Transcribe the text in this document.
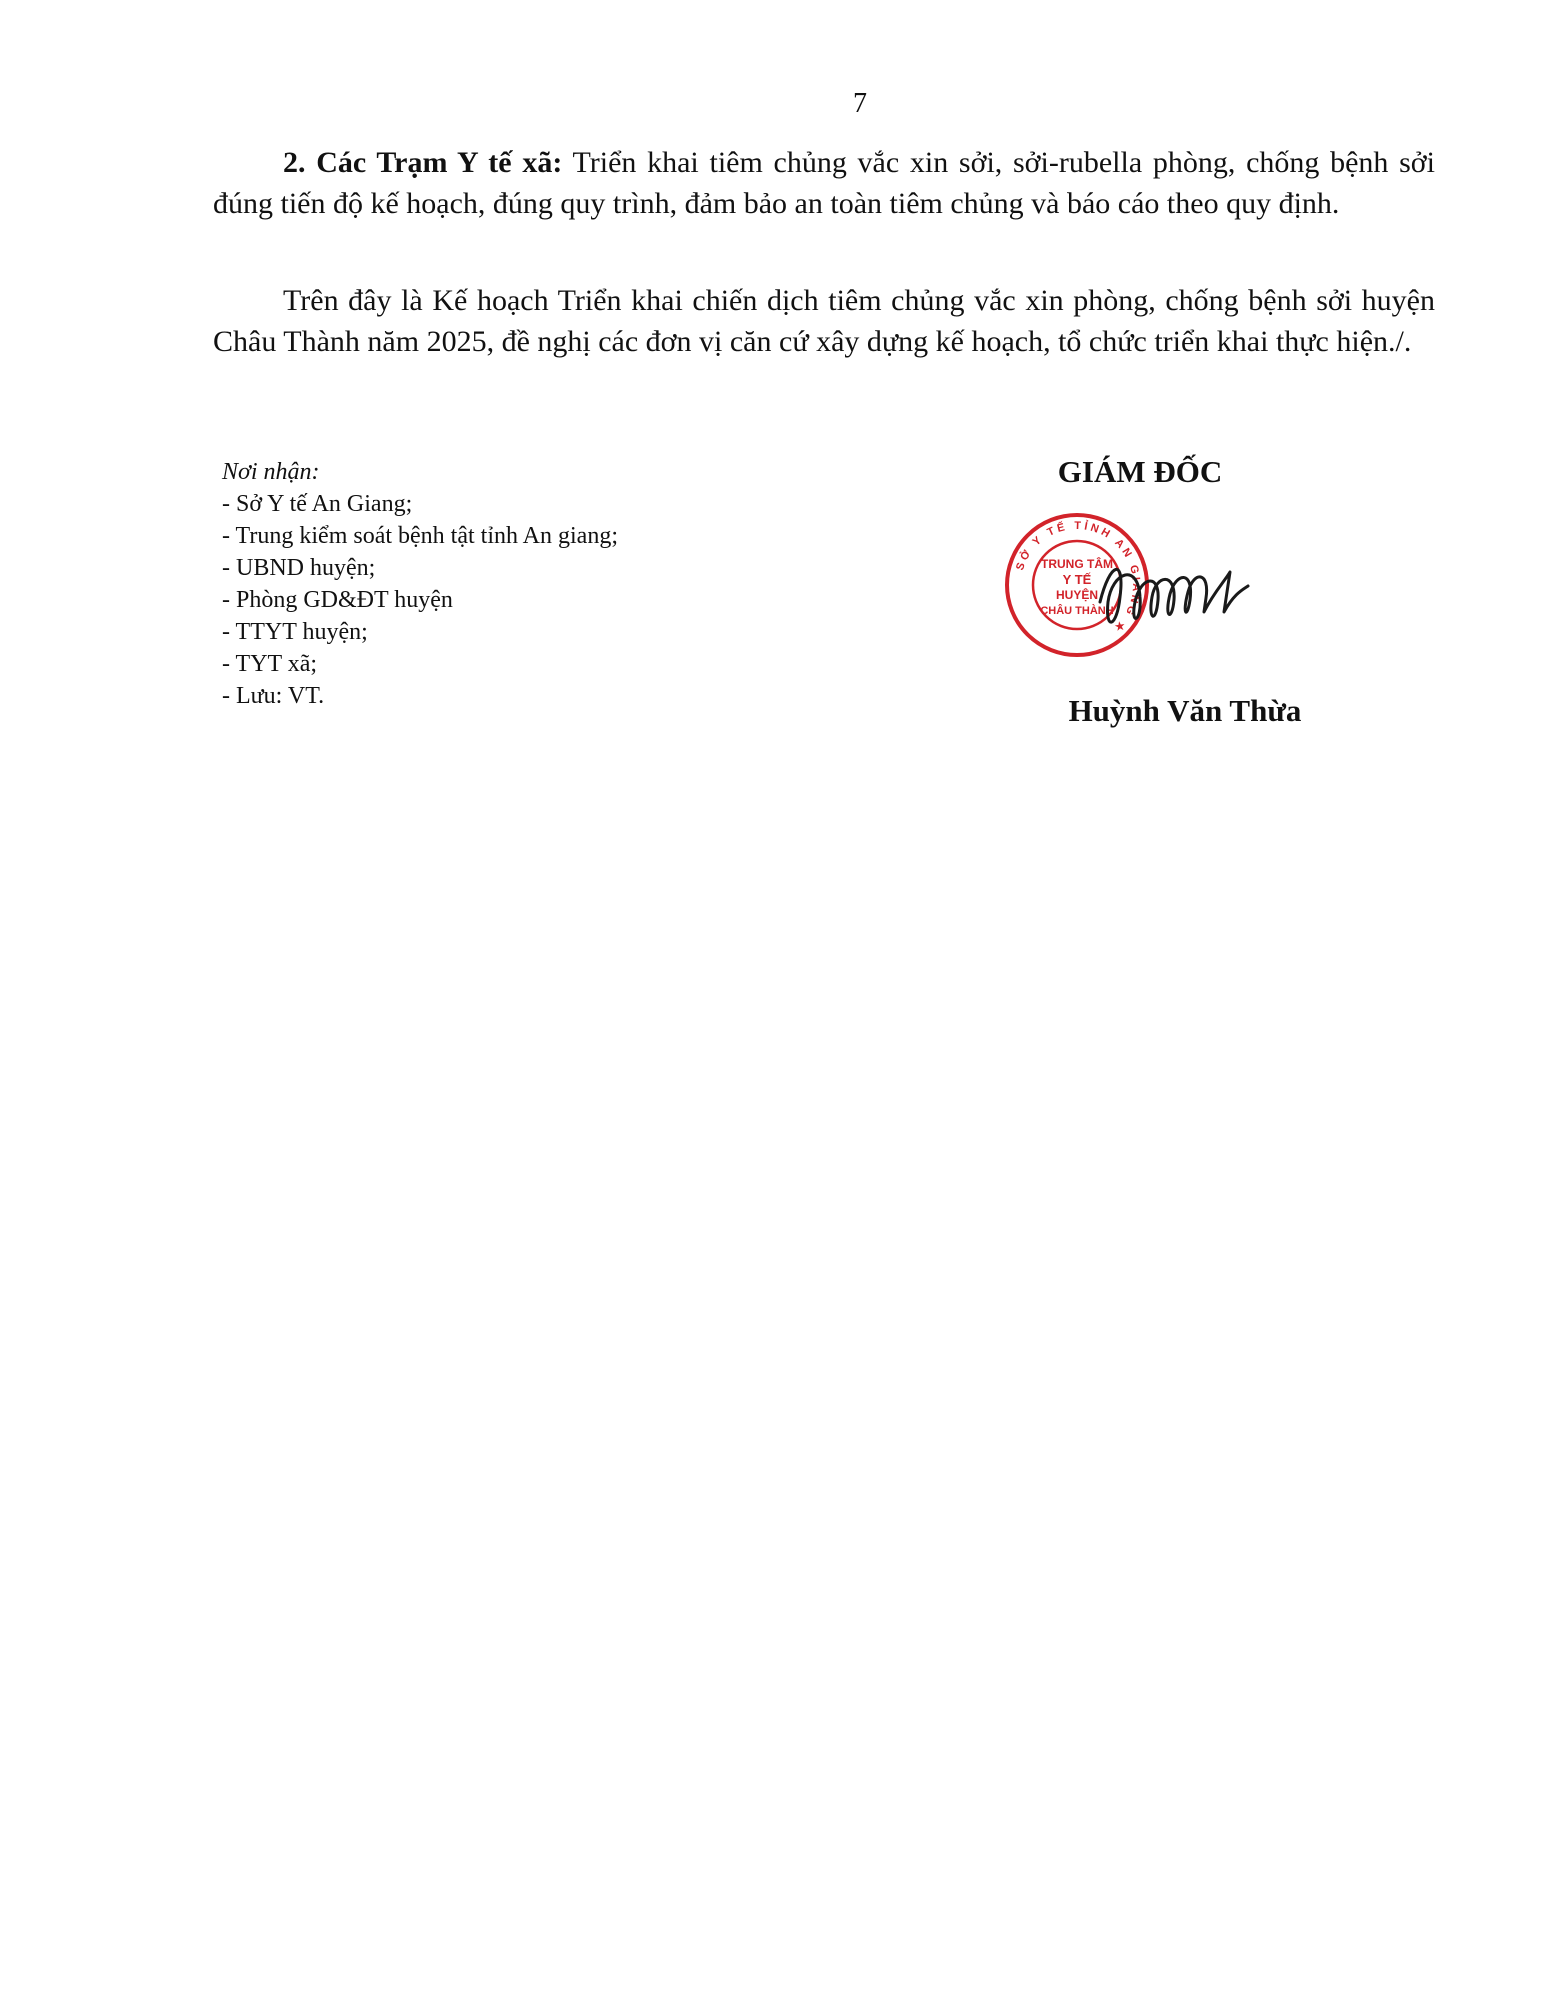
7

2. Các Trạm Y tế xã: Triển khai tiêm chủng vắc xin sởi, sởi-rubella phòng, chống bệnh sởi đúng tiến độ kế hoạch, đúng quy trình, đảm bảo an toàn tiêm chủng và báo cáo theo quy định.

Trên đây là Kế hoạch Triển khai chiến dịch tiêm chủng vắc xin phòng, chống bệnh sởi huyện Châu Thành năm 2025, đề nghị các đơn vị căn cứ xây dựng kế hoạch, tổ chức triển khai thực hiện./.

Nơi nhận:
- Sở Y tế An Giang;
- Trung kiểm soát bệnh tật tỉnh An giang;
- UBND huyện;
- Phòng GD&ĐT huyện
- TTYT huyện;
- TYT xã;
- Lưu: VT.
GIÁM ĐỐC
SỞ Y TẾ TỈNH AN GIANG ★
TRUNG TÂM
Y TẾ
HUYỆN
CHÂU THÀNH
Huỳnh Văn Thừa
